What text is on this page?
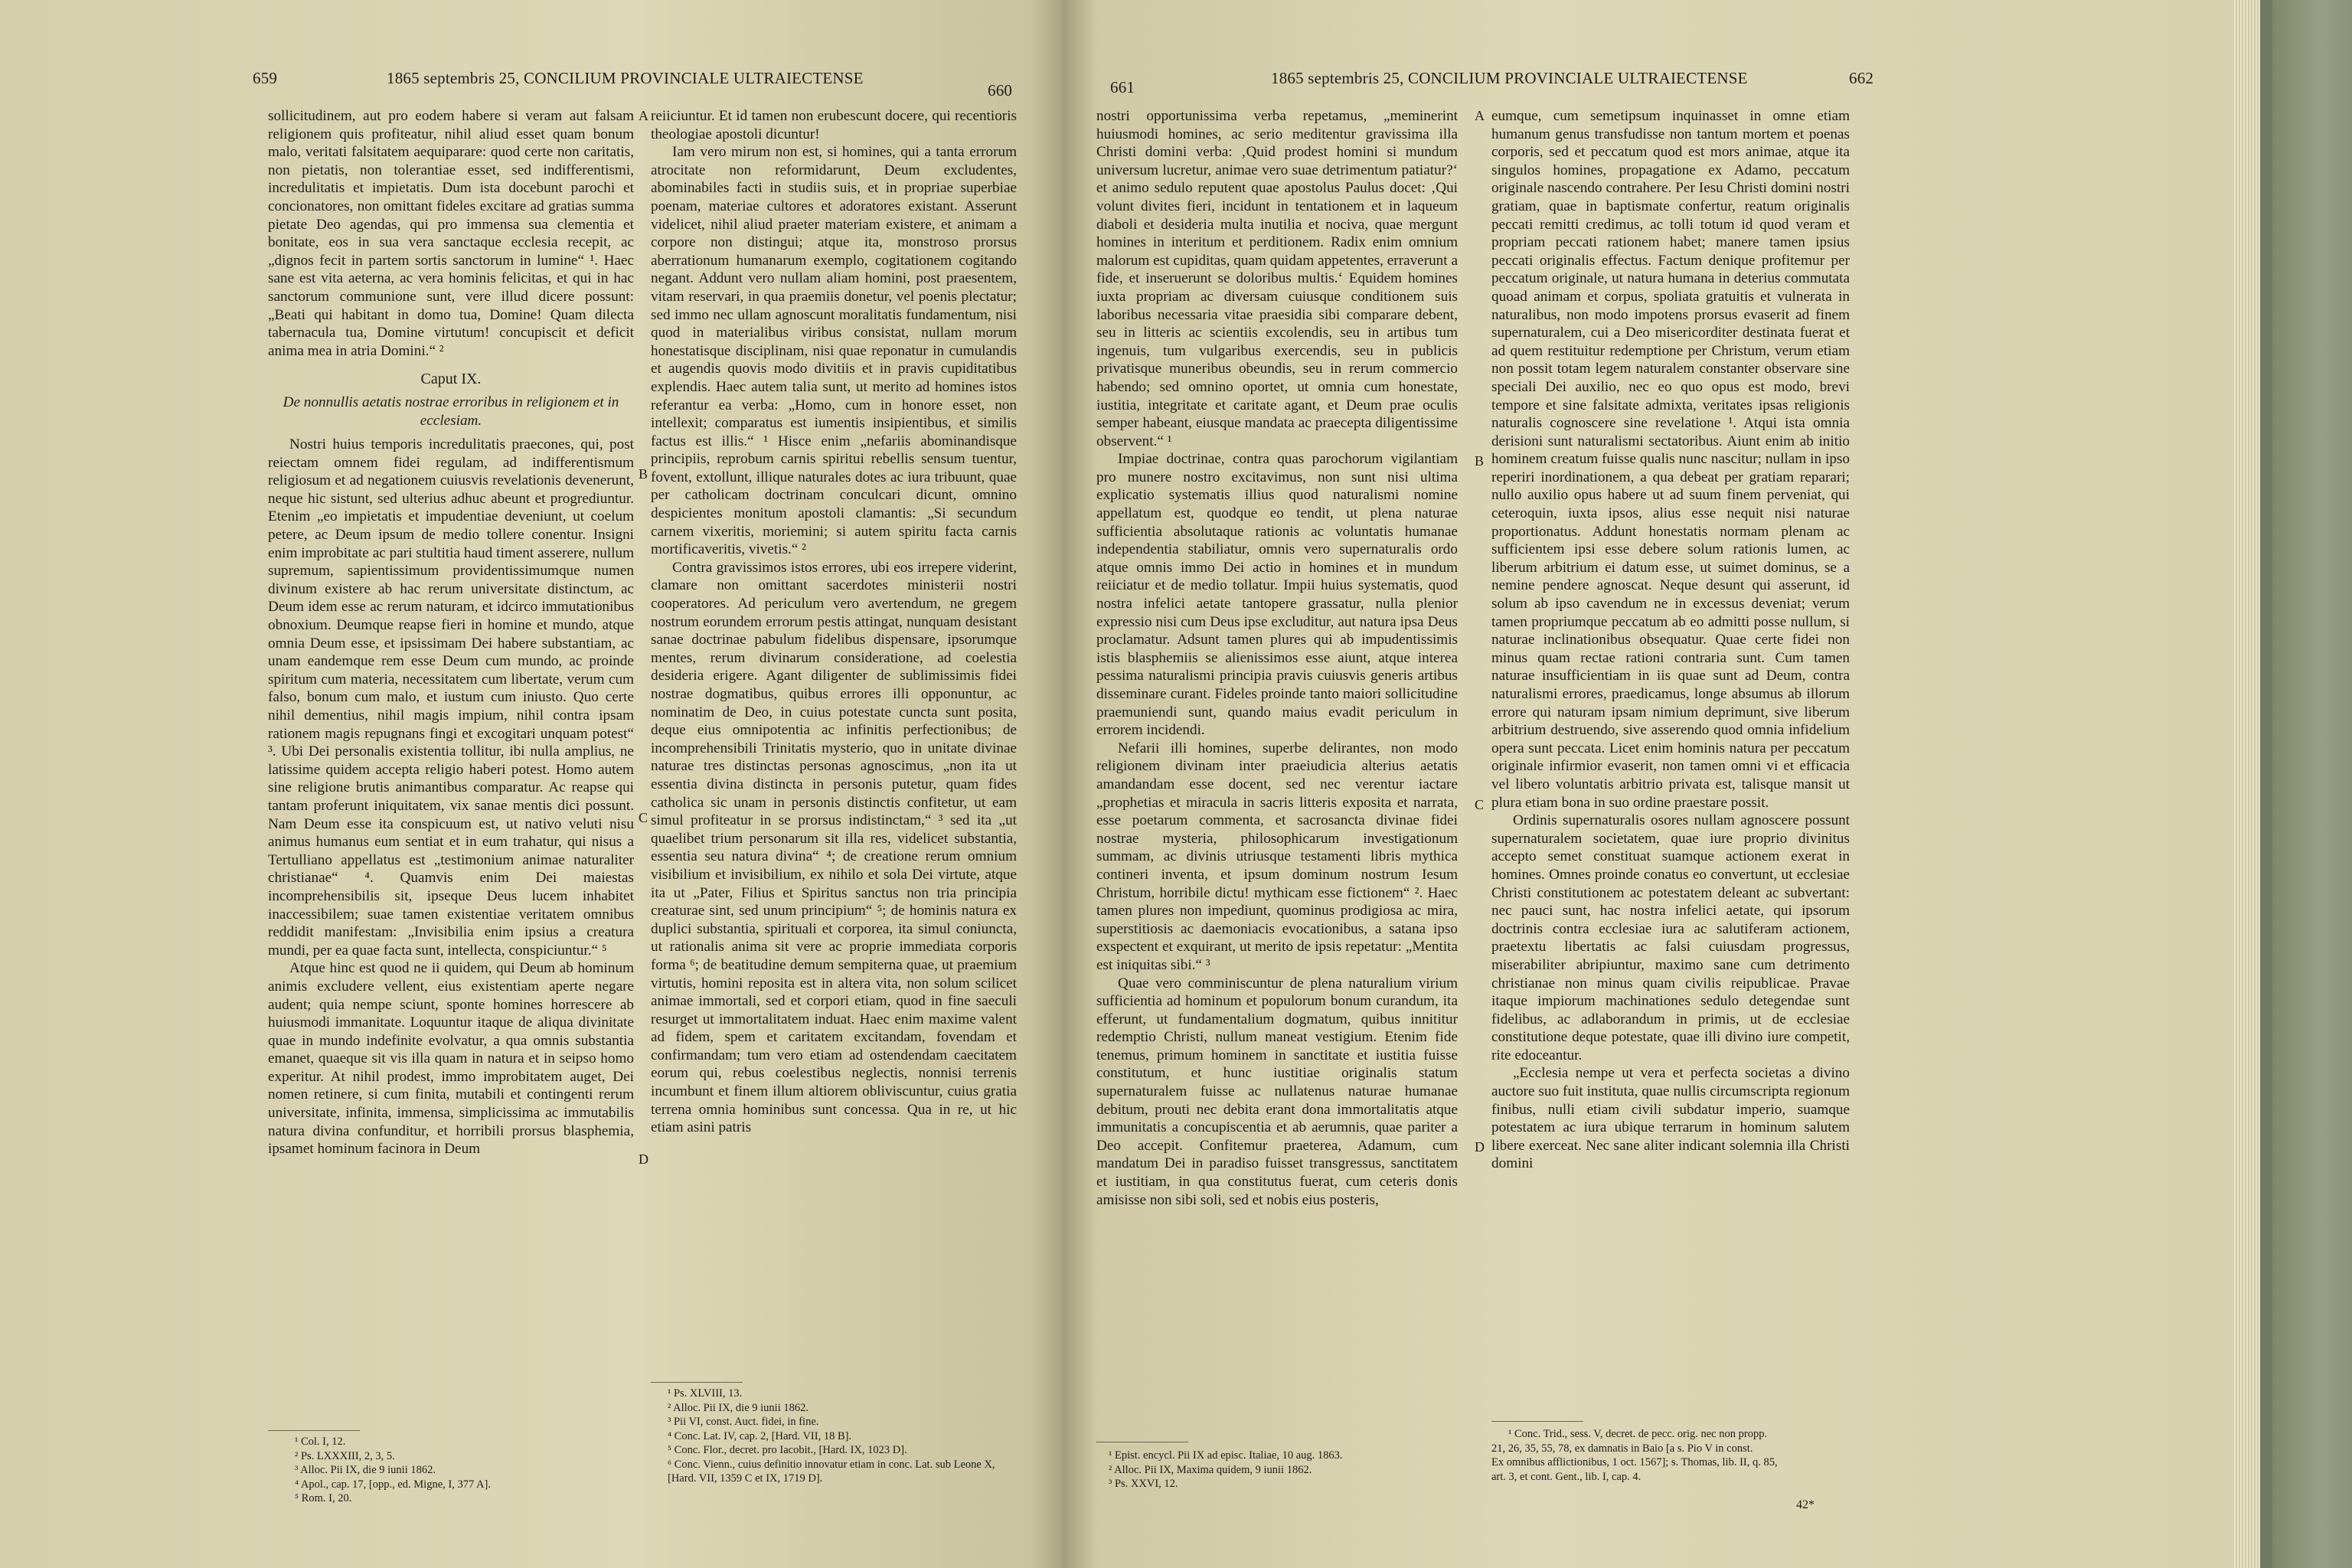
659	1865 septembris 25, CONCILIUM PROVINCIALE ULTRAIECTENSE
660

sollicitudinem, aut pro eodem habere si veram aut falsam religionem quis profiteatur, nihil aliud esset quam bonum malo, veritati falsitatem aequiparare: quod certe non caritatis, non pietatis, non tolerantiae esset, sed indifferentismi, incredulitatis et impietatis. Dum ista docebunt parochi et concionatores, non omittant fideles excitare ad gratias summa pietate Deo agendas, qui pro immensa sua clementia et bonitate, eos in sua vera sanctaque ecclesia recepit, ac „dignos fecit in partem sortis sanctorum in lumine“ ¹. Haec sane est vita aeterna, ac vera hominis felicitas, et qui in hac sanctorum communione sunt, vere illud dicere possunt: „Beati qui habitant in domo tua, Domine! Quam dilecta tabernacula tua, Domine virtutum! concupiscit et deficit anima mea in atria Domini.“ ²

Caput IX.
De nonnullis aetatis nostrae erroribus in religionem et in ecclesiam.

Nostri huius temporis incredulitatis praecones, qui, post reiectam omnem fidei regulam, ad indifferentismum religiosum et ad negationem cuiusvis revelationis devenerunt, neque hic sistunt, sed ulterius adhuc abeunt et progrediuntur. Etenim „eo impietatis et impudentiae deveniunt, ut coelum petere, ac Deum ipsum de medio tollere conentur. Insigni enim improbitate ac pari stultitia haud timent asserere, nullum supremum, sapientissimum providentissimumque numen divinum existere ab hac rerum universitate distinctum, ac Deum idem esse ac rerum naturam, et idcirco immutationibus obnoxium. Deumque reapse fieri in homine et mundo, atque omnia Deum esse, et ipsissimam Dei habere substantiam, ac unam eandemque rem esse Deum cum mundo, ac proinde spiritum cum materia, necessitatem cum libertate, verum cum falso, bonum cum malo, et iustum cum iniusto. Quo certe nihil dementius, nihil magis impium, nihil contra ipsam rationem magis repugnans fingi et excogitari unquam potest“ ³. Ubi Dei personalis existentia tollitur, ibi nulla amplius, ne latissime quidem accepta religio haberi potest. Homo autem sine religione brutis animantibus comparatur. Ac reapse qui tantam proferunt iniquitatem, vix sanae mentis dici possunt. Nam Deum esse ita conspicuum est, ut nativo veluti nisu animus humanus eum sentiat et in eum trahatur, qui nisus a Tertulliano appellatus est „testimonium animae naturaliter christianae“ ⁴. Quamvis enim Dei maiestas incomprehensibilis sit, ipseque Deus lucem inhabitet inaccessibilem; suae tamen existentiae veritatem omnibus reddidit manifestam: „Invisibilia enim ipsius a creatura mundi, per ea quae facta sunt, intellecta, conspiciuntur.“ ⁵

Atque hinc est quod ne ii quidem, qui Deum ab hominum animis excludere vellent, eius existentiam aperte negare audent; quia nempe sciunt, sponte homines horrescere ab huiusmodi immanitate. Loquuntur itaque de aliqua divinitate quae in mundo indefinite evolvatur, a qua omnis substantia emanet, quaeque sit vis illa quam in natura et in seipso homo experitur. At nihil prodest, immo improbitatem auget, Dei nomen retinere, si cum finita, mutabili et contingenti rerum universitate, infinita, immensa, simplicissima ac immutabilis natura divina confunditur, et horribili prorsus blasphemia, ipsamet hominum facinora in Deum

¹ Col. I, 12.
² Ps. LXXXIII, 2, 3, 5.
³ Alloc. Pii IX, die 9 iunii 1862.
⁴ Apol., cap. 17, [opp., ed. Migne, I, 377 A].
⁵ Rom. I, 20.
A
B
C
D

reiiciuntur. Et id tamen non erubescunt docere, qui recentioris theologiae apostoli dicuntur!

Iam vero mirum non est, si homines, qui a tanta errorum atrocitate non reformidarunt, Deum excludentes, abominabiles facti in studiis suis, et in propriae superbiae poenam, materiae cultores et adoratores existant. Asserunt videlicet, nihil aliud praeter materiam existere, et animam a corpore non distingui; atque ita, monstroso prorsus aberrationum humanarum exemplo, cogitationem cogitando negant. Addunt vero nullam aliam homini, post praesentem, vitam reservari, in qua praemiis donetur, vel poenis plectatur; sed immo nec ullam agnoscunt moralitatis fundamentum, nisi quod in materialibus viribus consistat, nullam morum honestatisque disciplinam, nisi quae reponatur in cumulandis et augendis quovis modo divitiis et in pravis cupiditatibus explendis. Haec autem talia sunt, ut merito ad homines istos referantur ea verba: „Homo, cum in honore esset, non intellexit; comparatus est iumentis insipientibus, et similis factus est illis.“ ¹ Hisce enim „nefariis abominandisque principiis, reprobum carnis spiritui rebellis sensum tuentur, fovent, extollunt, illique naturales dotes ac iura tribuunt, quae per catholicam doctrinam conculcari dicunt, omnino despicientes monitum apostoli clamantis: „Si secundum carnem vixeritis, moriemini; si autem spiritu facta carnis mortificaveritis, vivetis.“ ²

Contra gravissimos istos errores, ubi eos irrepere viderint, clamare non omittant sacerdotes ministerii nostri cooperatores. Ad periculum vero avertendum, ne gregem nostrum eorundem errorum pestis attingat, nunquam desistant sanae doctrinae pabulum fidelibus dispensare, ipsorumque mentes, rerum divinarum consideratione, ad coelestia desideria erigere. Agant diligenter de sublimissimis fidei nostrae dogmatibus, quibus errores illi opponuntur, ac nominatim de Deo, in cuius potestate cuncta sunt posita, deque eius omnipotentia ac infinitis perfectionibus; de incomprehensibili Trinitatis mysterio, quo in unitate divinae naturae tres distinctas personas agnoscimus, „non ita ut essentia divina distincta in personis putetur, quam fides catholica sic unam in personis distinctis confitetur, ut eam simul profiteatur in se prorsus indistinctam,“ ³ sed ita „ut quaelibet trium personarum sit illa res, videlicet substantia, essentia seu natura divina“ ⁴; de creatione rerum omnium visibilium et invisibilium, ex nihilo et sola Dei virtute, atque ita ut „Pater, Filius et Spiritus sanctus non tria principia creaturae sint, sed unum principium“ ⁵; de hominis natura ex duplici substantia, spirituali et corporea, ita simul coniuncta, ut rationalis anima sit vere ac proprie immediata corporis forma ⁶; de beatitudine demum sempiterna quae, ut praemium virtutis, homini reposita est in altera vita, non solum scilicet animae immortali, sed et corpori etiam, quod in fine saeculi resurget ut immortalitatem induat. Haec enim maxime valent ad fidem, spem et caritatem excitandam, fovendam et confirmandam; tum vero etiam ad ostendendam caecitatem eorum qui, rebus coelestibus neglectis, nonnisi terrenis incumbunt et finem illum altiorem obliviscuntur, cuius gratia terrena omnia hominibus sunt concessa. Qua in re, ut hic etiam asini patris

¹ Ps. XLVIII, 13.
² Alloc. Pii IX, die 9 iunii 1862.
³ Pii VI, const. Auct. fidei, in fine.
⁴ Conc. Lat. IV, cap. 2, [Hard. VII, 18 B].
⁵ Conc. Flor., decret. pro Iacobit., [Hard. IX, 1023 D].
⁶ Conc. Vienn., cuius definitio innovatur etiam in conc. Lat. sub Leone X, [Hard. VII, 1359 C et IX, 1719 D].
661	1865 septembris 25, CONCILIUM PROVINCIALE ULTRAIECTENSE	662

nostri opportunissima verba repetamus, „meminerint huiusmodi homines, ac serio meditentur gravissima illa Christi domini verba: ‚Quid prodest homini si mundum universum lucretur, animae vero suae detrimentum patiatur?‘ et animo sedulo reputent quae apostolus Paulus docet: ‚Qui volunt divites fieri, incidunt in tentationem et in laqueum diaboli et desideria multa inutilia et nociva, quae mergunt homines in interitum et perditionem. Radix enim omnium malorum est cupiditas, quam quidam appetentes, erraverunt a fide, et inseruerunt se doloribus multis.‘ Equidem homines iuxta propriam ac diversam cuiusque conditionem suis laboribus necessaria vitae praesidia sibi comparare debent, seu in litteris ac scientiis excolendis, seu in artibus tum ingenuis, tum vulgaribus exercendis, seu in publicis privatisque muneribus obeundis, seu in rerum commercio habendo; sed omnino oportet, ut omnia cum honestate, iustitia, integritate et caritate agant, et Deum prae oculis semper habeant, eiusque mandata ac praecepta diligentissime observent.“ ¹

Impiae doctrinae, contra quas parochorum vigilantiam pro munere nostro excitavimus, non sunt nisi ultima explicatio systematis illius quod naturalismi nomine appellatum est, quodque eo tendit, ut plena naturae sufficientia absolutaque rationis ac voluntatis humanae independentia stabiliatur, omnis vero supernaturalis ordo atque omnis immo Dei actio in homines et in mundum reiiciatur et de medio tollatur. Impii huius systematis, quod nostra infelici aetate tantopere grassatur, nulla plenior expressio nisi cum Deus ipse excluditur, aut natura ipsa Deus proclamatur. Adsunt tamen plures qui ab impudentissimis istis blasphemiis se alienissimos esse aiunt, atque interea pessima naturalismi principia pravis cuiusvis generis artibus disseminare curant. Fideles proinde tanto maiori sollicitudine praemuniendi sunt, quando maius evadit periculum in errorem incidendi.

Nefarii illi homines, superbe delirantes, non modo religionem divinam inter praeiudicia alterius aetatis amandandam esse docent, sed nec verentur iactare „prophetias et miracula in sacris litteris exposita et narrata, esse poetarum commenta, et sacrosancta divinae fidei nostrae mysteria, philosophicarum investigationum summam, ac divinis utriusque testamenti libris mythica contineri inventa, et ipsum dominum nostrum Iesum Christum, horribile dictu! mythicam esse fictionem“ ². Haec tamen plures non impediunt, quominus prodigiosa ac mira, superstitiosis ac daemoniacis evocationibus, a satana ipso exspectent et exquirant, ut merito de ipsis repetatur: „Mentita est iniquitas sibi.“ ³

Quae vero comminiscuntur de plena naturalium virium sufficientia ad hominum et populorum bonum curandum, ita efferunt, ut fundamentalium dogmatum, quibus innititur redemptio Christi, nullum maneat vestigium. Etenim fide tenemus, primum hominem in sanctitate et iustitia fuisse constitutum, et hunc iustitiae originalis statum supernaturalem fuisse ac nullatenus naturae humanae debitum, prouti nec debita erant dona immortalitatis atque immunitatis a concupiscentia et ab aerumnis, quae pariter a Deo accepit. Confitemur praeterea, Adamum, cum mandatum Dei in paradiso fuisset transgressus, sanctitatem et iustitiam, in qua constitutus fuerat, cum ceteris donis amisisse non sibi soli, sed et nobis eius posteris,

¹ Epist. encycl. Pii IX ad episc. Italiae, 10 aug. 1863.
² Alloc. Pii IX, Maxima quidem, 9 iunii 1862.
³ Ps. XXVI, 12.
A
B
C
D

eumque, cum semetipsum inquinasset in omne etiam humanum genus transfudisse non tantum mortem et poenas corporis, sed et peccatum quod est mors animae, atque ita singulos homines, propagatione ex Adamo, peccatum originale nascendo contrahere. Per Iesu Christi domini nostri gratiam, quae in baptismate confertur, reatum originalis peccati remitti credimus, ac tolli totum id quod veram et propriam peccati rationem habet; manere tamen ipsius peccati originalis effectus. Factum denique profitemur per peccatum originale, ut natura humana in deterius commutata quoad animam et corpus, spoliata gratuitis et vulnerata in naturalibus, non modo impotens prorsus evaserit ad finem supernaturalem, cui a Deo misericorditer destinata fuerat et ad quem restituitur redemptione per Christum, verum etiam non possit totam legem naturalem constanter observare sine speciali Dei auxilio, nec eo quo opus est modo, brevi tempore et sine falsitate admixta, veritates ipsas religionis naturalis cognoscere sine revelatione ¹. Atqui ista omnia derisioni sunt naturalismi sectatoribus. Aiunt enim ab initio hominem creatum fuisse qualis nunc nascitur; nullam in ipso reperiri inordinationem, a qua debeat per gratiam reparari; nullo auxilio opus habere ut ad suum finem perveniat, qui ceteroquin, iuxta ipsos, alius esse nequit nisi naturae proportionatus. Addunt honestatis normam plenam ac sufficientem ipsi esse debere solum rationis lumen, ac liberum arbitrium ei datum esse, ut suimet dominus, se a nemine pendere agnoscat. Neque desunt qui asserunt, id solum ab ipso cavendum ne in excessus deveniat; verum tamen propriumque peccatum ab eo admitti posse nullum, si naturae inclinationibus obsequatur. Quae certe fidei non minus quam rectae rationi contraria sunt. Cum tamen naturae insufficientiam in iis quae sunt ad Deum, contra naturalismi errores, praedicamus, longe absumus ab illorum errore qui naturam ipsam nimium deprimunt, sive liberum arbitrium destruendo, sive asserendo quod omnia infidelium opera sunt peccata. Licet enim hominis natura per peccatum originale infirmior evaserit, non tamen omni vi et efficacia vel libero voluntatis arbitrio privata est, talisque mansit ut plura etiam bona in suo ordine praestare possit.

Ordinis supernaturalis osores nullam agnoscere possunt supernaturalem societatem, quae iure proprio divinitus accepto semet constituat suamque actionem exerat in homines. Omnes proinde conatus eo convertunt, ut ecclesiae Christi constitutionem ac potestatem deleant ac subvertant: nec pauci sunt, hac nostra infelici aetate, qui ipsorum doctrinis contra ecclesiae iura ac salutiferam actionem, praetextu libertatis ac falsi cuiusdam progressus, miserabiliter abripiuntur, maximo sane cum detrimento christianae non minus quam civilis reipublicae. Pravae itaque impiorum machinationes sedulo detegendae sunt fidelibus, ac adlaborandum in primis, ut de ecclesiae constitutione deque potestate, quae illi divino iure competit, rite edoceantur.

„Ecclesia nempe ut vera et perfecta societas a divino auctore suo fuit instituta, quae nullis circumscripta regionum finibus, nulli etiam civili subdatur imperio, suamque potestatem ac iura ubique terrarum in hominum salutem libere exerceat. Nec sane aliter indicant solemnia illa Christi domini

¹ Conc. Trid., sess. V, decret. de pecc. orig. nec non propp.
21, 26, 35, 55, 78, ex damnatis in Baio [a s. Pio V in const.
Ex omnibus afflictionibus, 1 oct. 1567]; s. Thomas, lib. II, q. 85,
art. 3, et cont. Gent., lib. I, cap. 4.
42*
